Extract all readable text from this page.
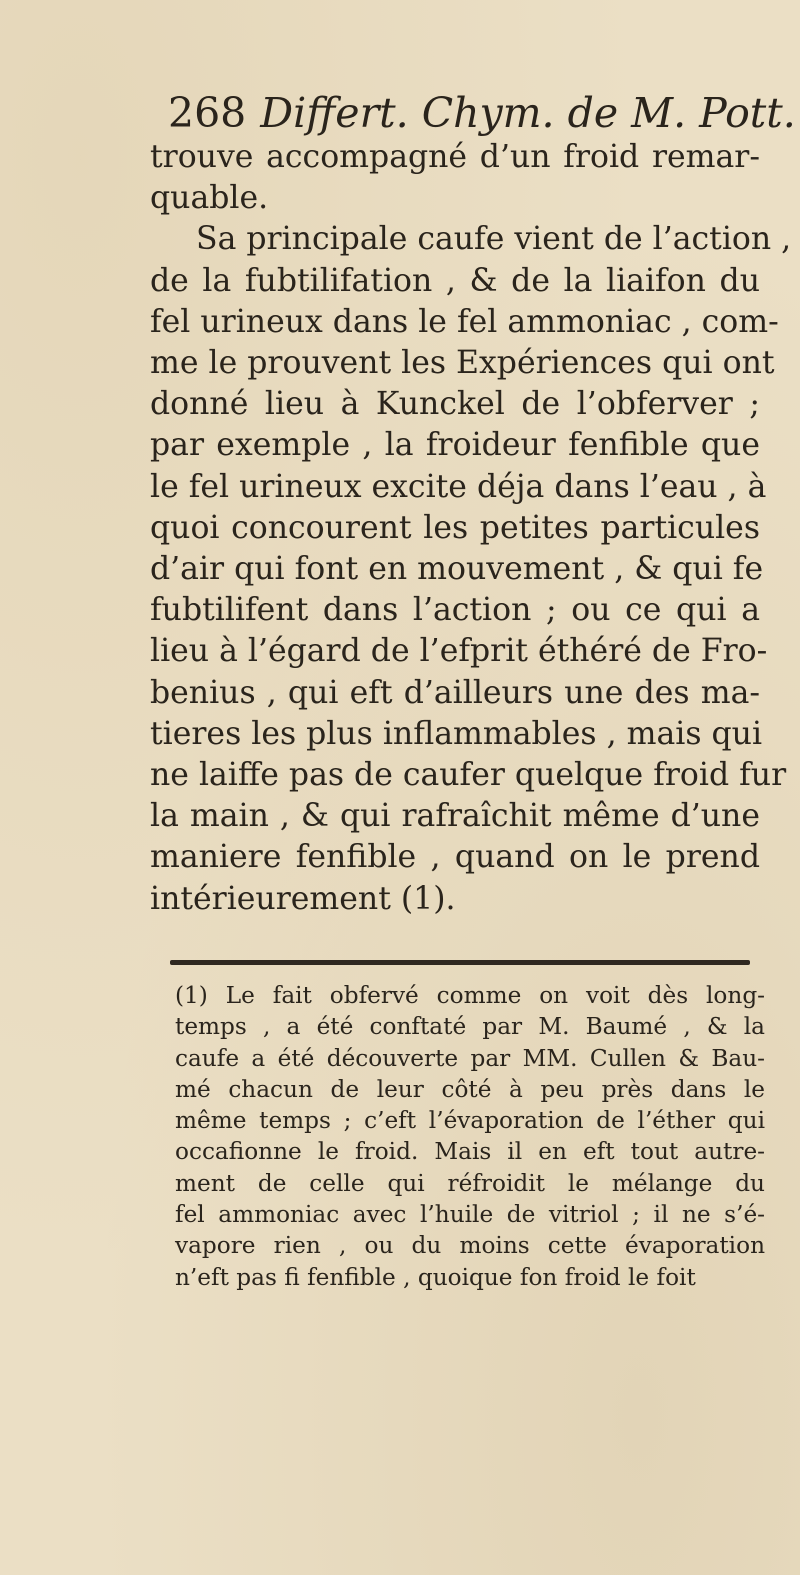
268 Differt. Chym. de M. Pott.
trouve accompagné d’un froid remar-
quable.
Sa principale caufe vient de l’action ,
de la fubtilifation , & de la liaifon du
fel urineux dans le fel ammoniac , com-
me le prouvent les Expériences qui ont
donné lieu à Kunckel de l’obferver ;
par exemple , la froideur fenfible que
le fel urineux excite déja dans l’eau , à
quoi concourent les petites particules
d’air qui font en mouvement , & qui fe
fubtilifent dans l’action ; ou ce qui a
lieu à l’égard de l’efprit éthéré de Fro-
benius , qui eft d’ailleurs une des ma-
tieres les plus inflammables , mais qui
ne laiffe pas de caufer quelque froid fur
la main , & qui rafraîchit même d’une
maniere fenfible , quand on le prend
intérieurement (1).
(1) Le fait obfervé comme on voit dès long-
temps , a été conftaté par M. Baumé , & la
caufe a été découverte par MM. Cullen & Bau-
mé chacun de leur côté à peu près dans le
même temps ; c’eft l’évaporation de l’éther qui
occafionne le froid. Mais il en eft tout autre-
ment de celle qui réfroidit le mélange du
fel ammoniac avec l’huile de vitriol ; il ne s’é-
vapore rien , ou du moins cette évaporation
n’eft pas fi fenfible , quoique fon froid le foit
